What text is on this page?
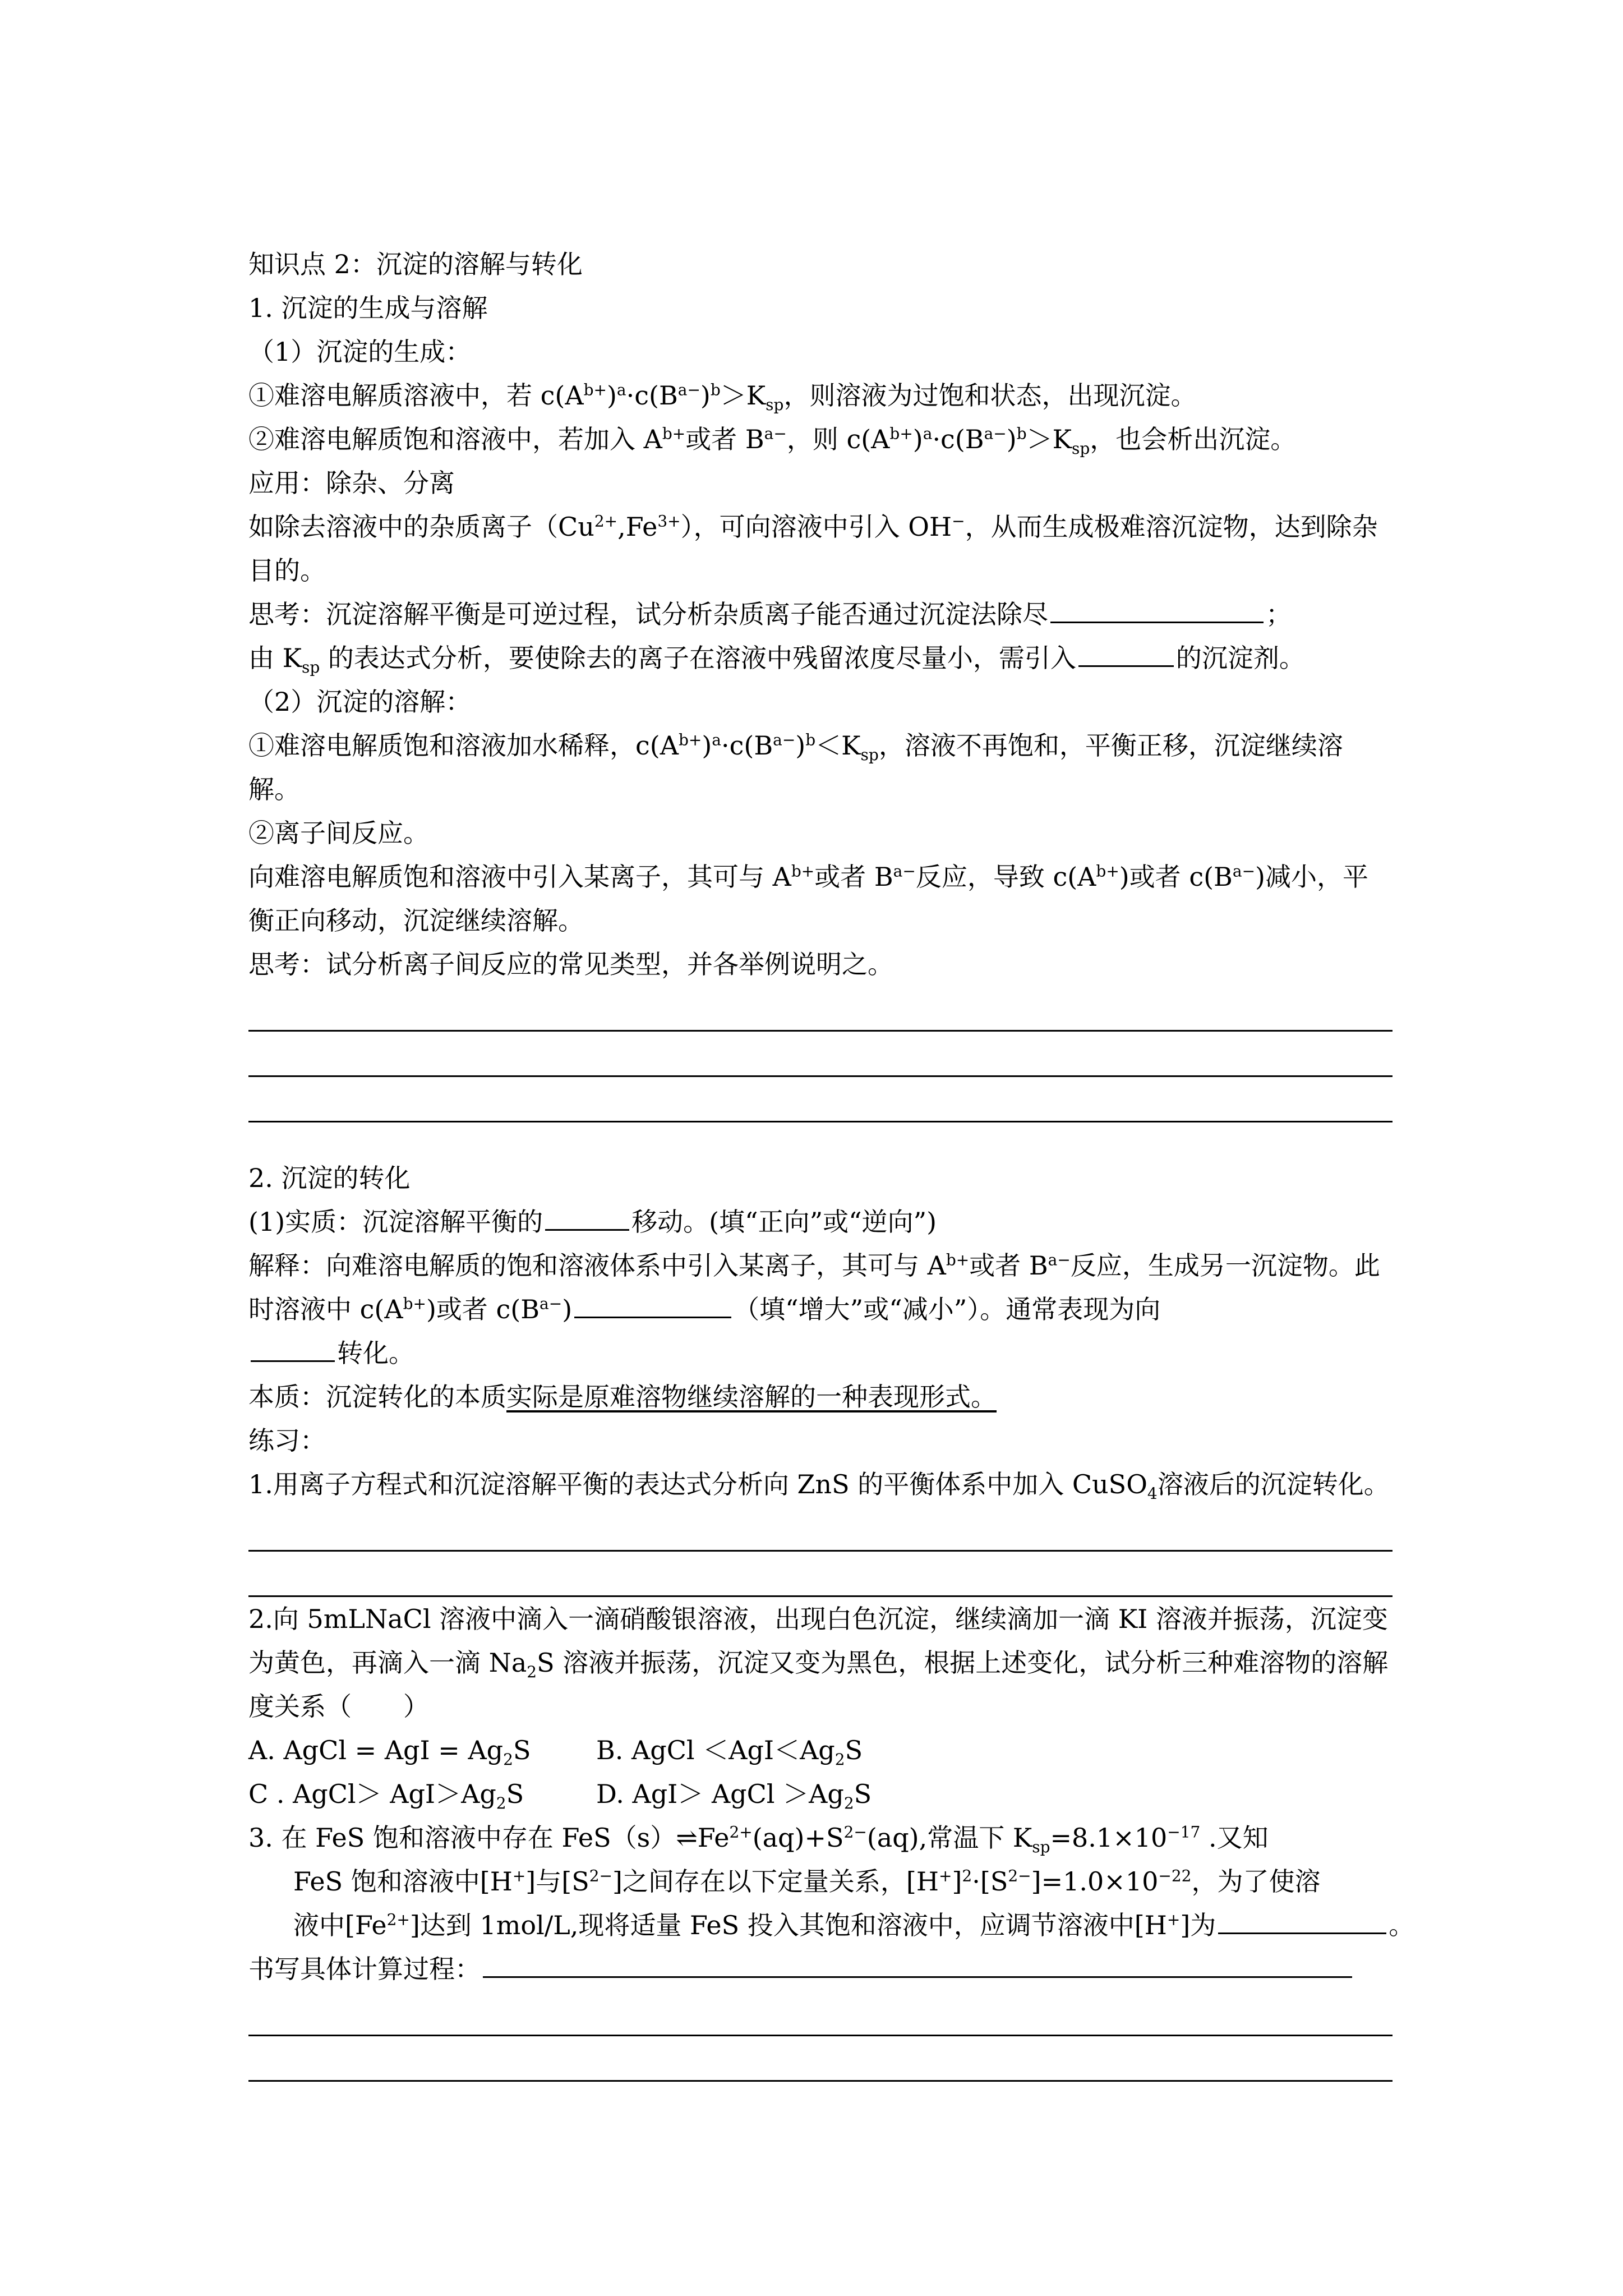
知识点 2：沉淀的溶解与转化
1. 沉淀的生成与溶解
（1）沉淀的生成：
①难溶电解质溶液中，若 $c(A^{b+})^a\cdot c(B^{a-})^b>K_{sp}$，则溶液为过饱和状态，出现沉淀。
②难溶电解质饱和溶液中，若加入 $A^{b+}$或者 $B^{a-}$，则 $c(A^{b+})^a\cdot c(B^{a-})^b>K_{sp}$，也会析出沉淀。
应用：除杂、分离
如除去溶液中的杂质离子$(Cu^{2+},Fe^{3+})$，可向溶液中引入 OH−，从而生成极难溶沉淀物，达到除杂目的。
思考：沉淀溶解平衡是可逆过程，试分析杂质离子能否通过沉淀法除尽	；
由 $K_{sp}$ 的表达式分析，要使除去的离子在溶液中残留浓度尽量小，需引入	的沉淀剂。
（2）沉淀的溶解：
①难溶电解质饱和溶液加水稀释，$c(A^{b+})^a\cdot c(B^{a-})^b<K_{sp}$，溶液不再饱和，平衡正移，沉淀继续溶解。
②离子间反应。
向难溶电解质饱和溶液中引入某离子，其可与 $A^{b+}$或者 $B^{a-}$反应，导致 $c(A^{b+})$或者 $c(B^{a-})$减小，平衡正向移动，沉淀继续溶解。
思考：试分析离子间反应的常见类型，并各举例说明之。
2. 沉淀的转化
(1)实质：沉淀溶解平衡的	移动。(填“正向”或“逆向”)
解释：向难溶电解质的饱和溶液体系中引入某离子，其可与 $A^{b+}$或者 $B^{a-}$反应，生成另一沉淀物。此时溶液中 $c(A^{b+})$或者 $c(B^{a-})$	（填“增大”或“减小”）。通常表现为向
转化。
本质：沉淀转化的本质实际是原难溶物继续溶解的一种表现形式。
练习：
1.用离子方程式和沉淀溶解平衡的表达式分析向 ZnS 的平衡体系中加入 CuSO$_4$溶液后的沉淀转化。
2.向 5mLNaCl 溶液中滴入一滴硝酸银溶液，出现白色沉淀，继续滴加一滴 KI 溶液并振荡，沉淀变为黄色，再滴入一滴 $Na_2S$ 溶液并振荡，沉淀又变为黑色，根据上述变化，试分析三种难溶物的溶解度关系（　　）
A. AgCl = AgI = $Ag_2S$	B. AgCl $<AgI<Ag_2S$
C . AgCl＞ $AgI>Ag_2S$	D. AgI＞ AgCl $>Ag_2S$
3. 在 FeS 饱和溶液中存在 $FeS(s)\rightleftharpoons Fe^{2+}(aq)+S^{2-}(aq)$,常温下 $K_{sp}=8.1\times 10^{-17}$ .又知
FeS 饱和溶液中[H+]与$[S^{2-}]$之间存在以下定量关系，$[H^+]^2\cdot[S^{2-}]=1.0\times 10^{-22}$，为了使溶
液中$[Fe^{2+}]$达到 1mol/L,现将适量 FeS 投入其饱和溶液中，应调节溶液中[H+]为	。
书写具体计算过程：
